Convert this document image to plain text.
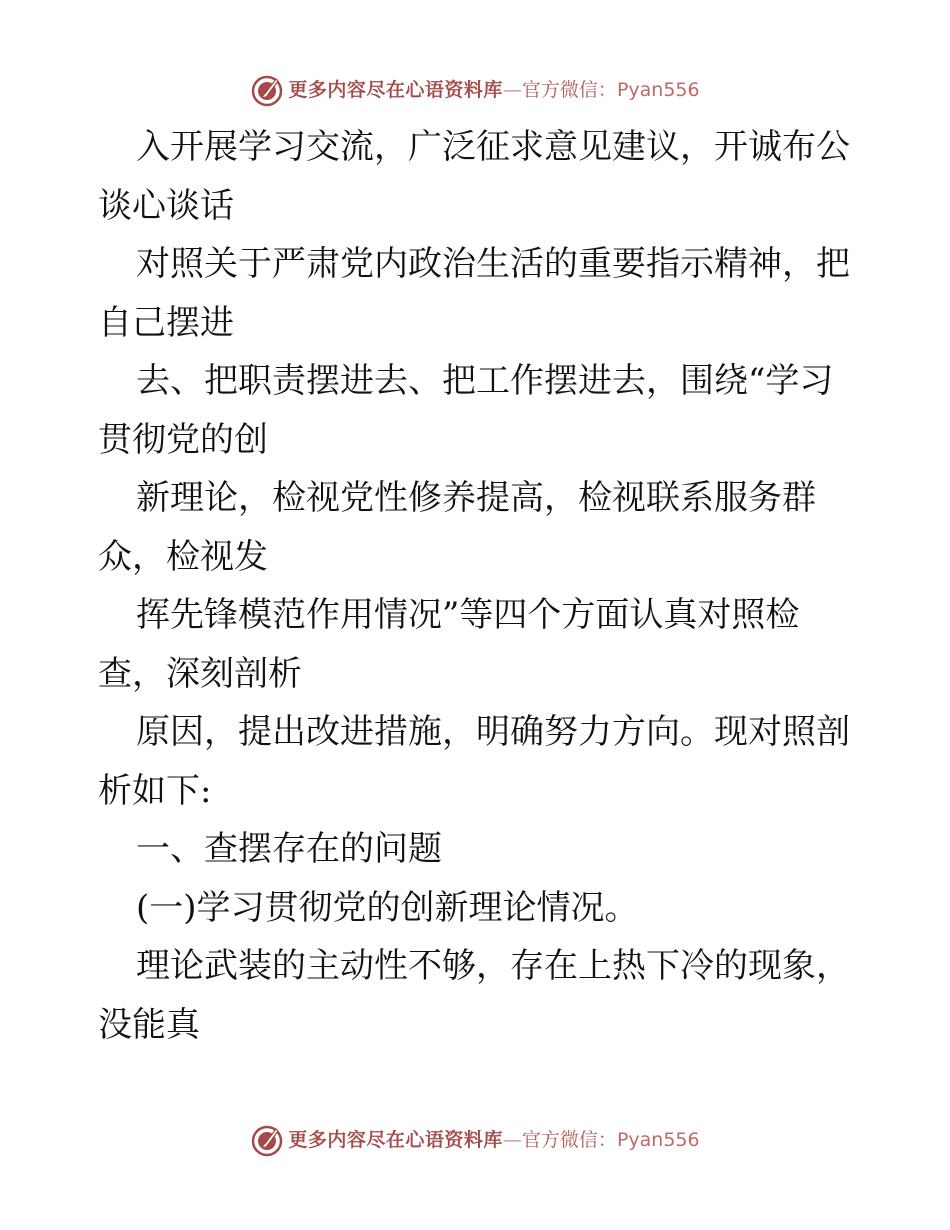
更多内容尽在心语资料库 — 官方微信： Pyan556
入开展学习交流，广泛征求意见建议，开诚布公
谈心谈话
对照关于严肃党内政治生活的重要指示精神，把
自己摆进
去、把职责摆进去、把工作摆进去，围绕“学习
贯彻党的创
新理论，检视党性修养提高，检视联系服务群
众，检视发
挥先锋模范作用情况”等四个方面认真对照检
查，深刻剖析
原因，提出改进措施，明确努力方向。现对照剖
析如下:
一、查摆存在的问题
(一)学习贯彻党的创新理论情况。
理论武装的主动性不够，存在上热下冷的现象，
没能真
更多内容尽在心语资料库 — 官方微信： Pyan556
